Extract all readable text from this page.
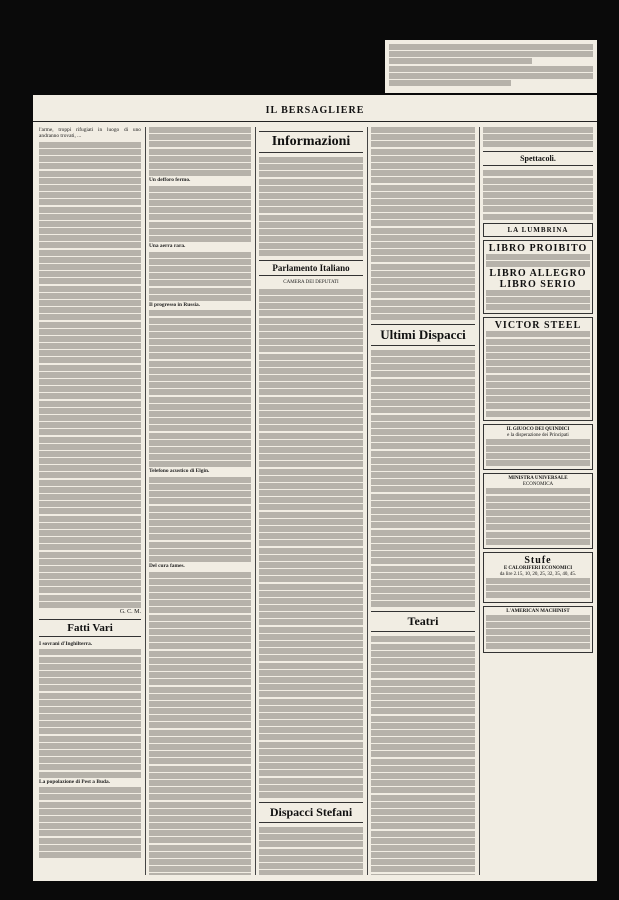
IL BERSAGLIERE

l'arme, troppi rifugiati in luogo di uno andranno trovati, ...

G. C. M.
Fatti Vari

I sovrani d'Inghilterra.

La popolazione di Pest a Buda.

Un defforo fermo.

Una aerra rara.

Il progresso in Russia.

Telefono acustico di Elgin.

Del cura fames.

Informazioni
Parlamento Italiano

CAMERA DEI DEPUTATI

Dispacci Stefani
Ultimi Dispacci
Teatri
Spettacoli.
LA LUMBRINA
LIBRO PROIBITO
LIBRO ALLEGRO
LIBRO SERIO
VICTOR STEEL
IL GIUOCO DEI QUINDICI
e la disperazione dei Principati
MINISTRA UNIVERSALE
ECONOMICA
Stufe
E CALORIFERI ECONOMICI
da lire 2.15, 10, 20, 25, 32, 35, 40, 45.
L'AMERICAN MACHINIST
